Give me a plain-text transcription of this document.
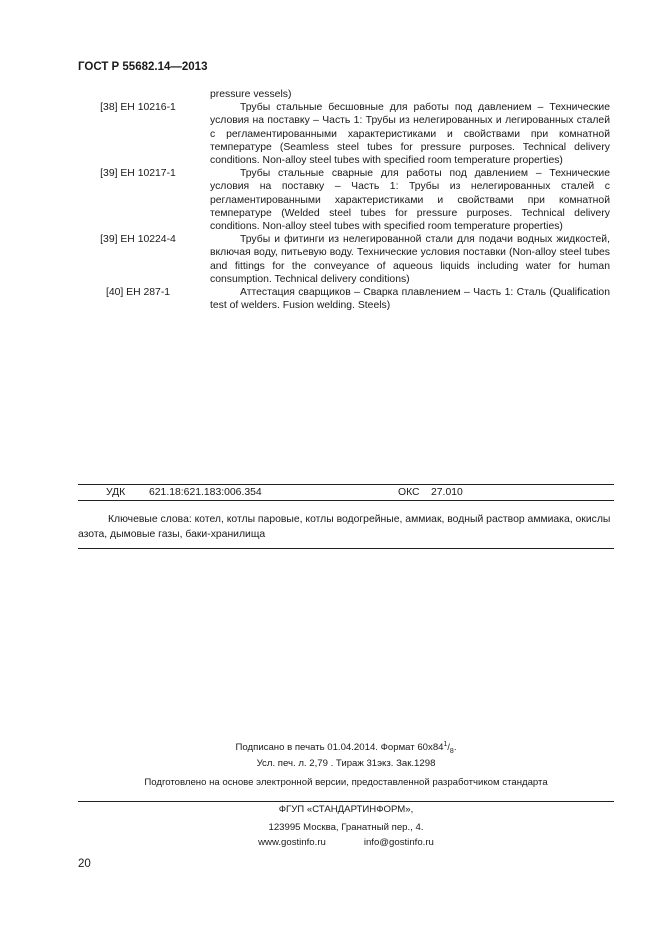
ГОСТ Р 55682.14—2013
pressure vessels)
[38] ЕН 10216-1	Трубы стальные бесшовные для работы под давлением – Технические условия на поставку – Часть 1: Трубы из нелегированных и легированных сталей с регламентированными характеристиками и свойствами при комнатной температуре (Seamless steel tubes for pressure purposes. Technical delivery conditions. Non-alloy steel tubes with specified room temperature properties)
[39] ЕН 10217-1	Трубы стальные сварные для работы под давлением – Технические условия на поставку – Часть 1: Трубы из нелегированных сталей с регламентированными характеристиками и свойствами при комнатной температуре (Welded steel tubes for pressure purposes. Technical delivery conditions. Non-alloy steel tubes with specified room temperature properties)
[39] ЕН 10224-4	Трубы и фитинги из нелегированной стали для подачи водных жидкостей, включая воду, питьевую воду. Технические условия поставки (Non-alloy steel tubes and fittings for the conveyance of aqueous liquids including water for human consumption. Technical delivery conditions)
[40] ЕН 287-1	Аттестация сварщиков – Сварка плавлением – Часть 1: Сталь (Qualification test of welders. Fusion welding. Steels)
УДК 621.18:621.183:006.354	ОКС 27.010
Ключевые слова: котел, котлы паровые, котлы водогрейные, аммиак, водный раствор аммиака, окислы азота, дымовые газы, баки-хранилища
Подписано в печать 01.04.2014. Формат $60x84^1/_8$.
Усл. печ. л. 2,79 . Тираж 31экз. Зак.1298
Подготовлено на основе электронной версии, предоставленной разработчиком стандарта
ФГУП «СТАНДАРТИНФОРМ»,
123995 Москва, Гранатный пер., 4.
www.gostinfo.ru	info@gostinfo.ru
20
